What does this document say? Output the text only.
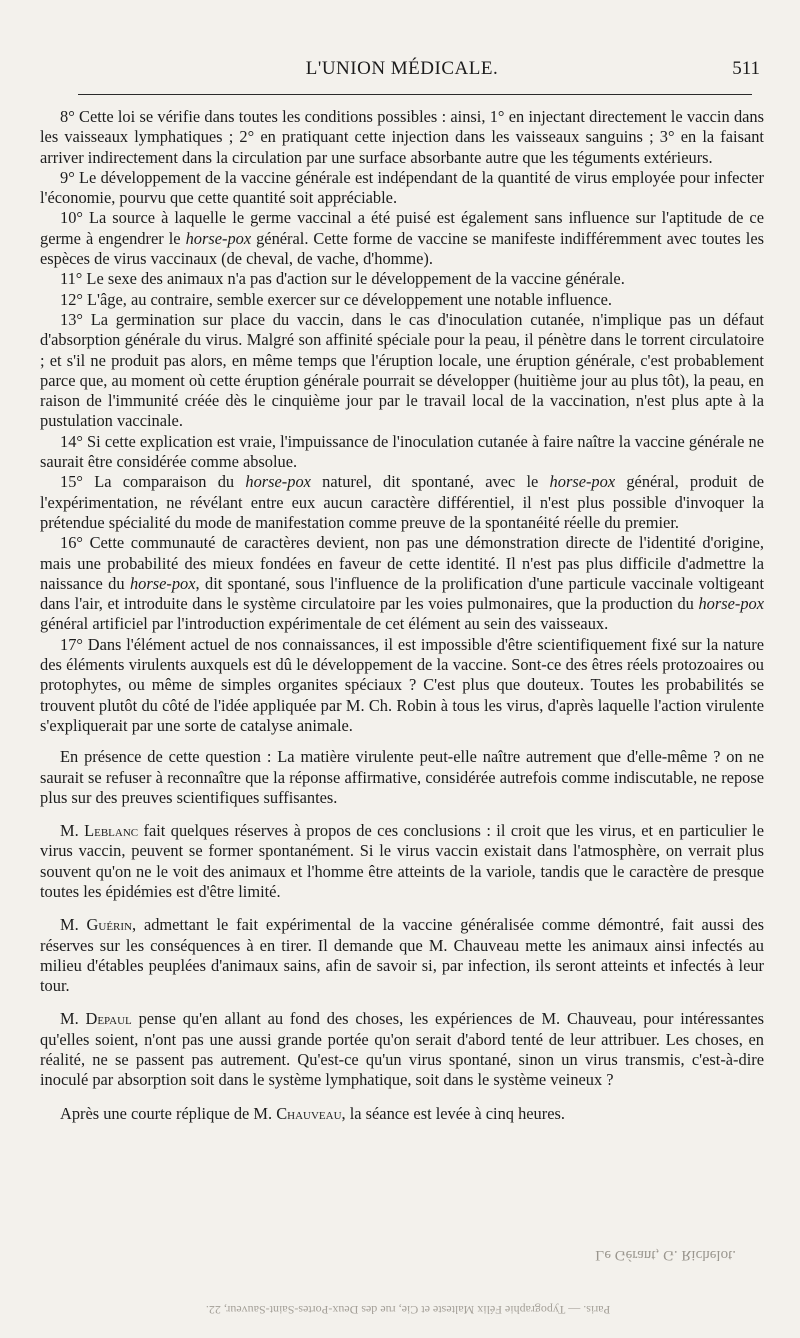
L'UNION MÉDICALE.	511

8° Cette loi se vérifie dans toutes les conditions possibles : ainsi, 1° en injectant directement le vaccin dans les vaisseaux lymphatiques ; 2° en pratiquant cette injection dans les vaisseaux sanguins ; 3° en la faisant arriver indirectement dans la circulation par une surface absorbante autre que les téguments extérieurs.

9° Le développement de la vaccine générale est indépendant de la quantité de virus employée pour infecter l'économie, pourvu que cette quantité soit appréciable.

10° La source à laquelle le germe vaccinal a été puisé est également sans influence sur l'aptitude de ce germe à engendrer le horse-pox général. Cette forme de vaccine se manifeste indifféremment avec toutes les espèces de virus vaccinaux (de cheval, de vache, d'homme).

11° Le sexe des animaux n'a pas d'action sur le développement de la vaccine générale.

12° L'âge, au contraire, semble exercer sur ce développement une notable influence.

13° La germination sur place du vaccin, dans le cas d'inoculation cutanée, n'implique pas un défaut d'absorption générale du virus. Malgré son affinité spéciale pour la peau, il pénètre dans le torrent circulatoire ; et s'il ne produit pas alors, en même temps que l'éruption locale, une éruption générale, c'est probablement parce que, au moment où cette éruption générale pourrait se développer (huitième jour au plus tôt), la peau, en raison de l'immunité créée dès le cinquième jour par le travail local de la vaccination, n'est plus apte à la pustulation vaccinale.

14° Si cette explication est vraie, l'impuissance de l'inoculation cutanée à faire naître la vaccine générale ne saurait être considérée comme absolue.

15° La comparaison du horse-pox naturel, dit spontané, avec le horse-pox général, produit de l'expérimentation, ne révélant entre eux aucun caractère différentiel, il n'est plus possible d'invoquer la prétendue spécialité du mode de manifestation comme preuve de la spontanéité réelle du premier.

16° Cette communauté de caractères devient, non pas une démonstration directe de l'identité d'origine, mais une probabilité des mieux fondées en faveur de cette identité. Il n'est pas plus difficile d'admettre la naissance du horse-pox, dit spontané, sous l'influence de la prolification d'une particule vaccinale voltigeant dans l'air, et introduite dans le système circulatoire par les voies pulmonaires, que la production du horse-pox général artificiel par l'introduction expérimentale de cet élément au sein des vaisseaux.

17° Dans l'élément actuel de nos connaissances, il est impossible d'être scientifiquement fixé sur la nature des éléments virulents auxquels est dû le développement de la vaccine. Sont-ce des êtres réels protozoaires ou protophytes, ou même de simples organites spéciaux ? C'est plus que douteux. Toutes les probabilités se trouvent plutôt du côté de l'idée appliquée par M. Ch. Robin à tous les virus, d'après laquelle l'action virulente s'expliquerait par une sorte de catalyse animale.

En présence de cette question : La matière virulente peut-elle naître autrement que d'elle-même ? on ne saurait se refuser à reconnaître que la réponse affirmative, considérée autrefois comme indiscutable, ne repose plus sur des preuves scientifiques suffisantes.

M. Leblanc fait quelques réserves à propos de ces conclusions : il croit que les virus, et en particulier le virus vaccin, peuvent se former spontanément. Si le virus vaccin existait dans l'atmosphère, on verrait plus souvent qu'on ne le voit des animaux et l'homme être atteints de la variole, tandis que le caractère de presque toutes les épidémies est d'être limité.

M. Guérin, admettant le fait expérimental de la vaccine généralisée comme démontré, fait aussi des réserves sur les conséquences à en tirer. Il demande que M. Chauveau mette les animaux ainsi infectés au milieu d'étables peuplées d'animaux sains, afin de savoir si, par infection, ils seront atteints et infectés à leur tour.

M. Depaul pense qu'en allant au fond des choses, les expériences de M. Chauveau, pour intéressantes qu'elles soient, n'ont pas une aussi grande portée qu'on serait d'abord tenté de leur attribuer. Les choses, en réalité, ne se passent pas autrement. Qu'est-ce qu'un virus spontané, sinon un virus transmis, c'est-à-dire inoculé par absorption soit dans le système lymphatique, soit dans le système veineux ?

Après une courte réplique de M. Chauveau, la séance est levée à cinq heures.

Le Gérant, G. Richelot.
Paris. — Typographie Félix Malteste et Cie, rue des Deux-Portes-Saint-Sauveur, 22.
